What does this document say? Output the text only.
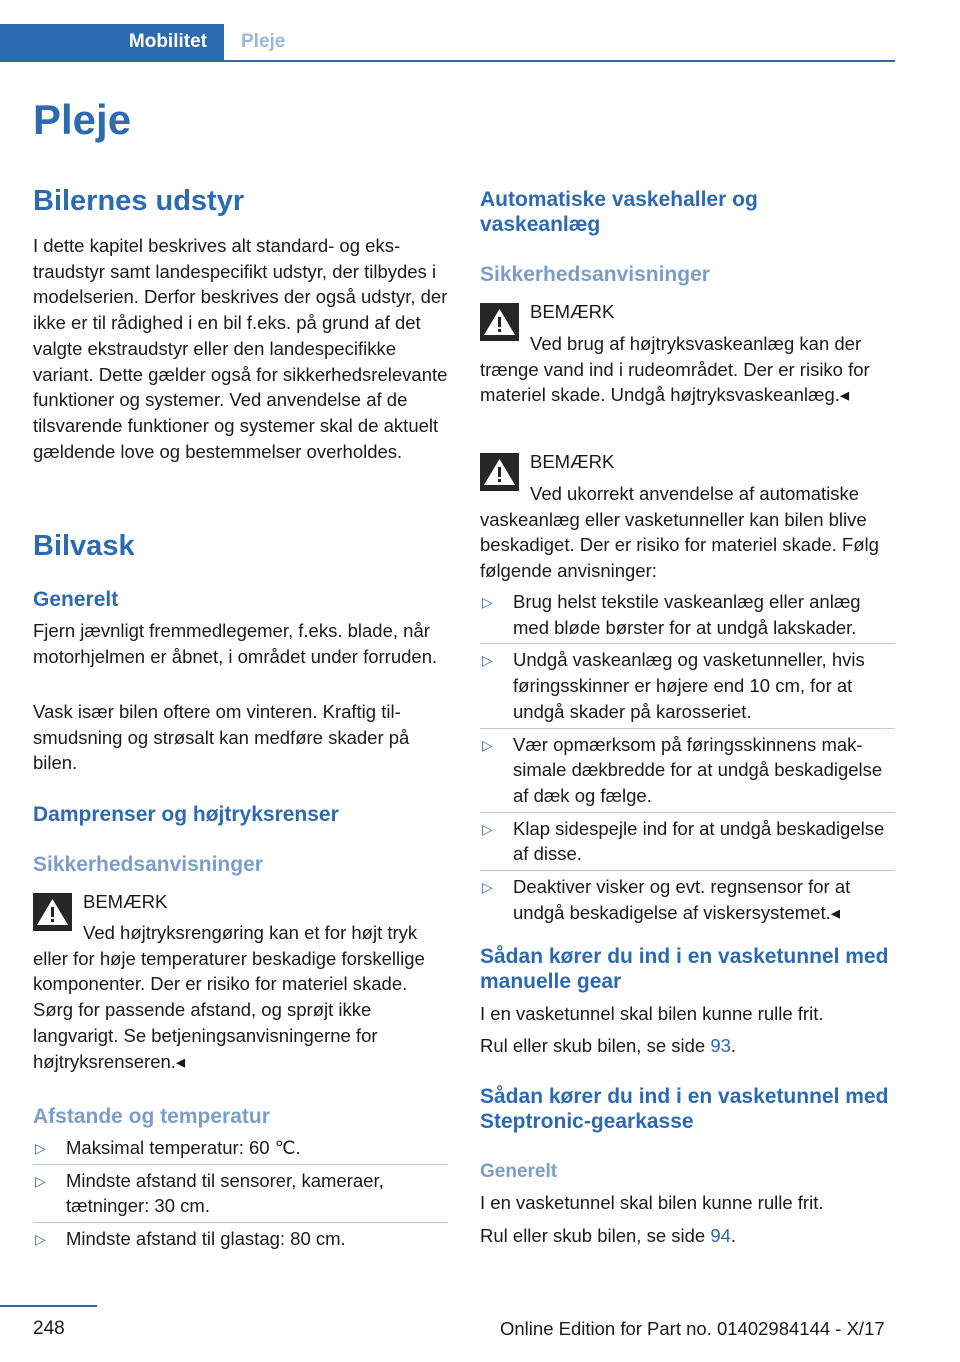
Mobilitet	Pleje
Pleje
Bilernes udstyr

I dette kapitel beskrives alt standard- og ekstraudstyr samt landespecifikt udstyr, der tilbydes i modelserien. Derfor beskrives der også udstyr, der ikke er til rådighed i en bil f.eks. på grund af det valgte ekstraudstyr eller den landespecifikke variant. Dette gælder også for sikkerhedsrelevante funktioner og systemer. Ved anvendelse af de tilsvarende funktioner og systemer skal de aktuelt gældende love og bestemmelser overholdes.

Bilvask
Generelt

Fjern jævnligt fremmedlegemer, f.eks. blade, når motorhjelmen er åbnet, i området under forruden.

Vask især bilen oftere om vinteren. Kraftig tilsmudsning og strøsalt kan medføre skader på bilen.

Damprenser og højtryksrenser
Sikkerhedsanvisninger
BEMÆRK

Ved højtryksrengøring kan et for højt tryk eller for høje temperaturer beskadige forskellige komponenter. Der er risiko for materiel skade. Sørg for passende afstand, og sprøjt ikke langvarigt. Se betjeningsanvisningerne for højtryksrenseren.◂

Afstande og temperatur
▷ Maksimal temperatur: 60 ℃.
▷ Mindste afstand til sensorer, kameraer, tætninger: 30 cm.
▷ Mindste afstand til glastag: 80 cm.
Automatiske vaskehaller og vaskeanlæg
Sikkerhedsanvisninger
BEMÆRK

Ved brug af højtryksvaskeanlæg kan der trænge vand ind i rudeområdet. Der er risiko for materiel skade. Undgå højtryksvaskeanlæg.◂

BEMÆRK

Ved ukorrekt anvendelse af automatiske vaskeanlæg eller vasketunneller kan bilen blive beskadiget. Der er risiko for materiel skade. Følg følgende anvisninger:

▷ Brug helst tekstile vaskeanlæg eller anlæg med bløde børster for at undgå lakskader.
▷ Undgå vaskeanlæg og vasketunneller, hvis føringsskinner er højere end 10 cm, for at undgå skader på karosseriet.
▷ Vær opmærksom på føringsskinnens maksimale dækbredde for at undgå beskadigelse af dæk og fælge.
▷ Klap sidespejle ind for at undgå beskadigelse af disse.
▷ Deaktiver visker og evt. regnsensor for at undgå beskadigelse af viskersystemet.◂
Sådan kører du ind i en vasketunnel med manuelle gear

I en vasketunnel skal bilen kunne rulle frit.

Rul eller skub bilen, se side 93.

Sådan kører du ind i en vasketunnel med Steptronic-gearkasse
Generelt

I en vasketunnel skal bilen kunne rulle frit.

Rul eller skub bilen, se side 94.

248	Online Edition for Part no. 01402984144 - X/17
